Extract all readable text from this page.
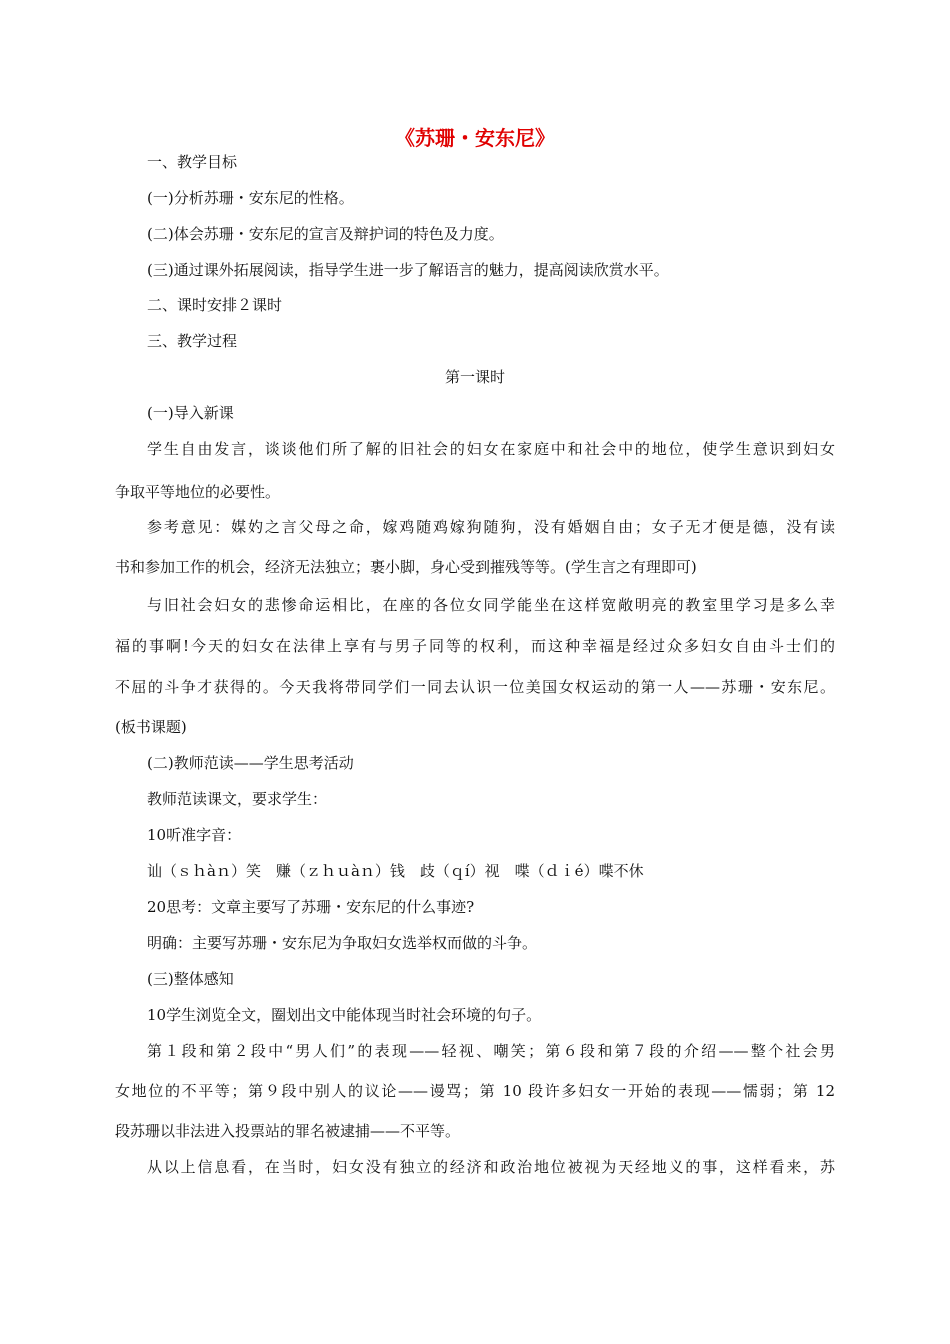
《苏珊・安东尼》
一、教学目标
(一)分析苏珊・安东尼的性格。
(二)体会苏珊・安东尼的宣言及辩护词的特色及力度。
(三)通过课外拓展阅读，指导学生进一步了解语言的魅力，提高阅读欣赏水平。
二、课时安排２课时
三、教学过程
第一课时
(一)导入新课
学生自由发言，谈谈他们所了解的旧社会的妇女在家庭中和社会中的地位，使学生意识到妇女
争取平等地位的必要性。
参考意见：媒妁之言父母之命，嫁鸡随鸡嫁狗随狗，没有婚姻自由；女子无才便是德，没有读
书和参加工作的机会，经济无法独立；裹小脚，身心受到摧残等等。(学生言之有理即可)
与旧社会妇女的悲惨命运相比，在座的各位女同学能坐在这样宽敞明亮的教室里学习是多么幸
福的事啊!今天的妇女在法律上享有与男子同等的权利，而这种幸福是经过众多妇女自由斗士们的
不屈的斗争才获得的。今天我将带同学们一同去认识一位美国女权运动的第一人——苏珊・安东尼。
(板书课题)
(二)教师范读——学生思考活动
教师范读课文，要求学生：
10听准字音：
讪（ｓｈàｎ）笑　赚（ｚｈｕàｎ）钱　歧（ｑí）视　喋（ｄｉé）喋不休
20思考：文章主要写了苏珊・安东尼的什么事迹?
明确：主要写苏珊・安东尼为争取妇女选举权而做的斗争。
(三)整体感知
10学生浏览全文，圈划出文中能体现当时社会环境的句子。
第１段和第２段中“男人们”的表现——轻视、嘲笑；第６段和第７段的介绍——整个社会男
女地位的不平等；第９段中别人的议论——谩骂；第 10 段许多妇女一开始的表现——懦弱；第 12
段苏珊以非法进入投票站的罪名被逮捕——不平等。
从以上信息看，在当时，妇女没有独立的经济和政治地位被视为天经地义的事，这样看来，苏
